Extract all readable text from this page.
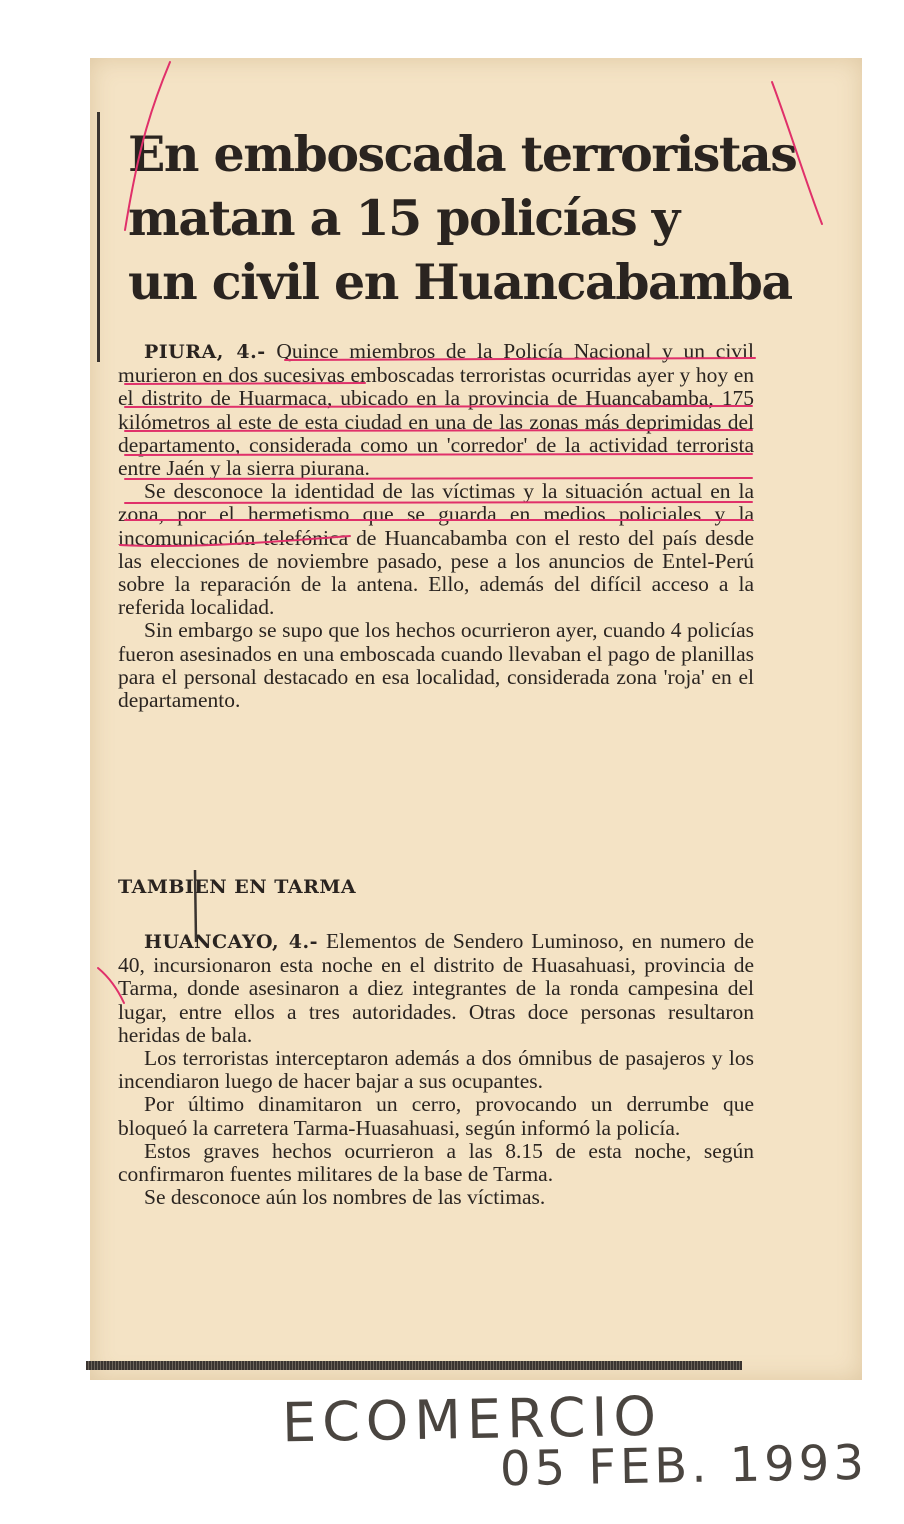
En emboscada terroristas
matan a 15 policías y
un civil en Huancabamba

PIURA, 4.- Quince miembros de la Policía Nacional y un civil murieron en dos sucesivas emboscadas terroristas ocurridas ayer y hoy en el distrito de Huarmaca, ubicado en la provincia de Huancabamba, 175 kilómetros al este de esta ciudad en una de las zonas más deprimidas del departamento, considerada como un 'corredor' de la actividad terrorista entre Jaén y la sierra piurana.

Se desconoce la identidad de las víctimas y la situación actual en la zona, por el hermetismo que se guarda en medios policiales y la incomunicación telefónica de Huancabamba con el resto del país desde las elecciones de noviembre pasado, pese a los anuncios de Entel-Perú sobre la reparación de la antena. Ello, además del difícil acceso a la referida localidad.

Sin embargo se supo que los hechos ocurrieron ayer, cuando 4 policías fueron asesinados en una emboscada cuando llevaban el pago de planillas para el personal destacado en esa localidad, considerada zona 'roja' en el departamento.

TAMBIEN EN TARMA

HUANCAYO, 4.- Elementos de Sendero Luminoso, en numero de 40, incursionaron esta noche en el distrito de Huasahuasi, provincia de Tarma, donde asesinaron a diez integrantes de la ronda campesina del lugar, entre ellos a tres autoridades. Otras doce personas resultaron heridas de bala.

Los terroristas interceptaron además a dos ómnibus de pasajeros y los incendiaron luego de hacer bajar a sus ocupantes.

Por último dinamitaron un cerro, provocando un derrumbe que bloqueó la carretera Tarma-Huasahuasi, según informó la policía.

Estos graves hechos ocurrieron a las 8.15 de esta noche, según confirmaron fuentes militares de la base de Tarma.

Se desconoce aún los nombres de las víctimas.

ECOMERCIO
05 FEB. 1993
